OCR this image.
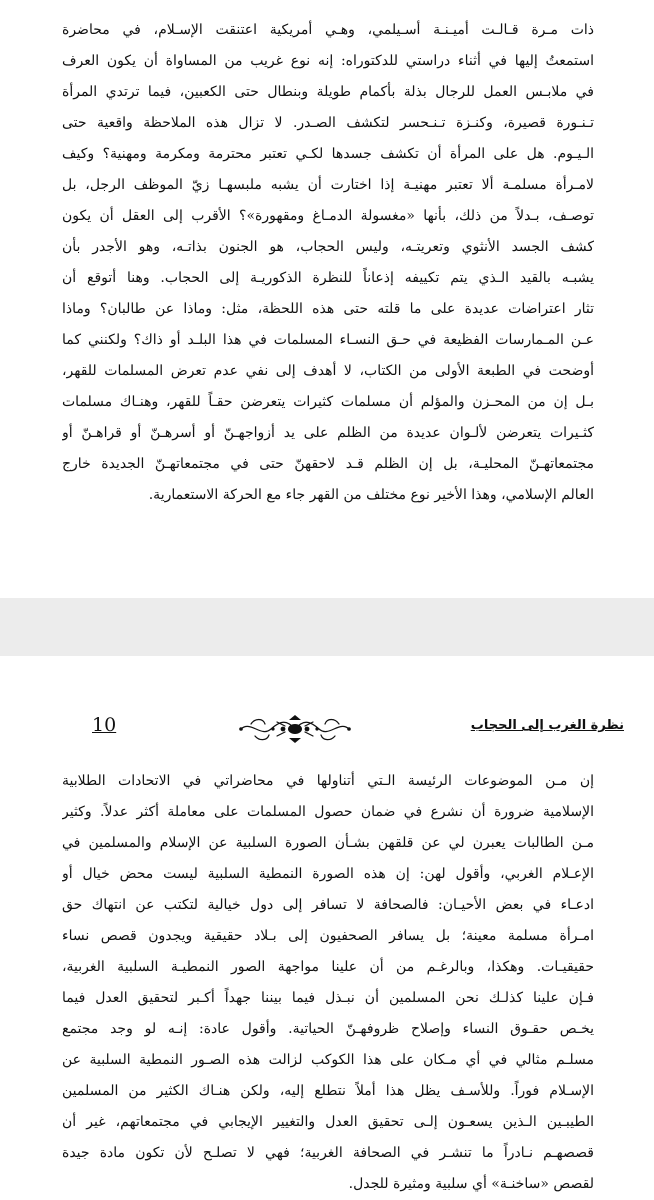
ذات مـرة قـالـت أميـنـة أسـيلمي، وهـي أمريكية اعتنقت الإسـلام، في محاضرة
استمعتُ إليها في أثناء دراستي للدكتوراه: إنه نوع غريب من المساواة أن يكون العرف
في ملابـس العمل للرجال بذلة بأكمام طويلة وبنطال حتى الكعبين، فيما ترتدي المرأة
تـنـورة قصيرة، وكنـزة تـنـحسر لتكشف الصـدر. لا تزال هذه الملاحظة واقعية حتى
الـيـوم. هل على المرأة أن تكشف جسدها لكـي تعتبر محترمة ومكرمة ومهنية؟ وكيف
لامـرأة مسلمـة ألا تعتبر مهنيـة إذا اختارت أن يشبه ملبسهـا زيّ الموظف الرجل، بل
توصـف، بـدلاً من ذلك، بأنها «مغسولة الدمـاغ ومقهورة»؟ الأقرب إلى العقل أن يكون
كشف الجسد الأنثوي وتعريتـه، وليس الحجاب، هو الجنون بذاتـه، وهو الأجدر بأن
يشبـه بالقيد الـذي يتم تكييفه إذعاناً للنظرة الذكوريـة إلى الحجاب. وهنا أتوقع أن
تثار اعتراضات عديدة على ما قلته حتى هذه اللحظة، مثل: وماذا عن طالبان؟ وماذا
عـن المـمارسات الفظيعة في حـق النسـاء المسلمات في هذا البلـد أو ذاك؟ ولكنني كما
أوضحت في الطبعة الأولى من الكتاب، لا أهدف إلى نفي عدم تعرض المسلمات للقهر،
بـل إن من المحـزن والمؤلم أن مسلمات كثيرات يتعرضن حقـاً للقهر، وهنـاك مسلمات
كثـيرات يتعرضن لألـوان عديدة من الظلم على يد أزواجهـنّ أو أسرهـنّ أو قراهـنّ أو
مجتمعاتهـنّ المحليـة، بل إن الظلم قـد لاحقهنّ حتى في مجتمعاتهـنّ الجديدة خارج
العالم الإسلامي، وهذا الأخير نوع مختلف من القهر جاء مع الحركة الاستعمارية.
نظرة الغرب إلى الحجاب
10
إن مـن الموضوعات الرئيسة الـتي أتناولها في محاضراتي في الاتحادات الطلابية
الإسلامية ضرورة أن نشرع في ضمان حصول المسلمات على معاملة أكثر عدلاً. وكثير
مـن الطالبات يعبرن لي عن قلقهن بشـأن الصورة السلبية عن الإسلام والمسلمين في
الإعـلام الغربي، وأقول لهن: إن هذه الصورة النمطية السلبية ليست محض خيال أو
ادعـاء في بعض الأحيـان: فالصحافة لا تسافر إلى دول خيالية لتكتب عن انتهاك حق
امـرأة مسلمة معينة؛ بل يسافر الصحفيون إلى بـلاد حقيقية ويجدون قصص نساء
حقيقيـات. وهكذا، وبالرغـم من أن علينا مواجهة الصور النمطيـة السلبية الغربية،
فـإن علينا كذلـك نحن المسلمين أن نبـذل فيما بيننا جهداً أكـبر لتحقيق العدل فيما
يخـص حقـوق النساء وإصلاح ظروفهـنّ الحياتية. وأقول عادة: إنـه لو وجد مجتمع
مسلـم مثالي في أي مـكان على هذا الكوكب لزالت هذه الصـور النمطية السلبية عن
الإسـلام فوراً. وللأسـف يظل هذا أملاً نتطلع إليه، ولكن هنـاك الكثير من المسلمين
الطيبـين الـذين يسعـون إلـى تحقيق العدل والتغيير الإيجابي في مجتمعاتهم، غير أن
قصصهـم نـادراً ما تنشـر في الصحافة الغربية؛ فهي لا تصلـح لأن تكون مادة جيدة
لقصص «ساخنـة» أي سلبية ومثيرة للجدل.
